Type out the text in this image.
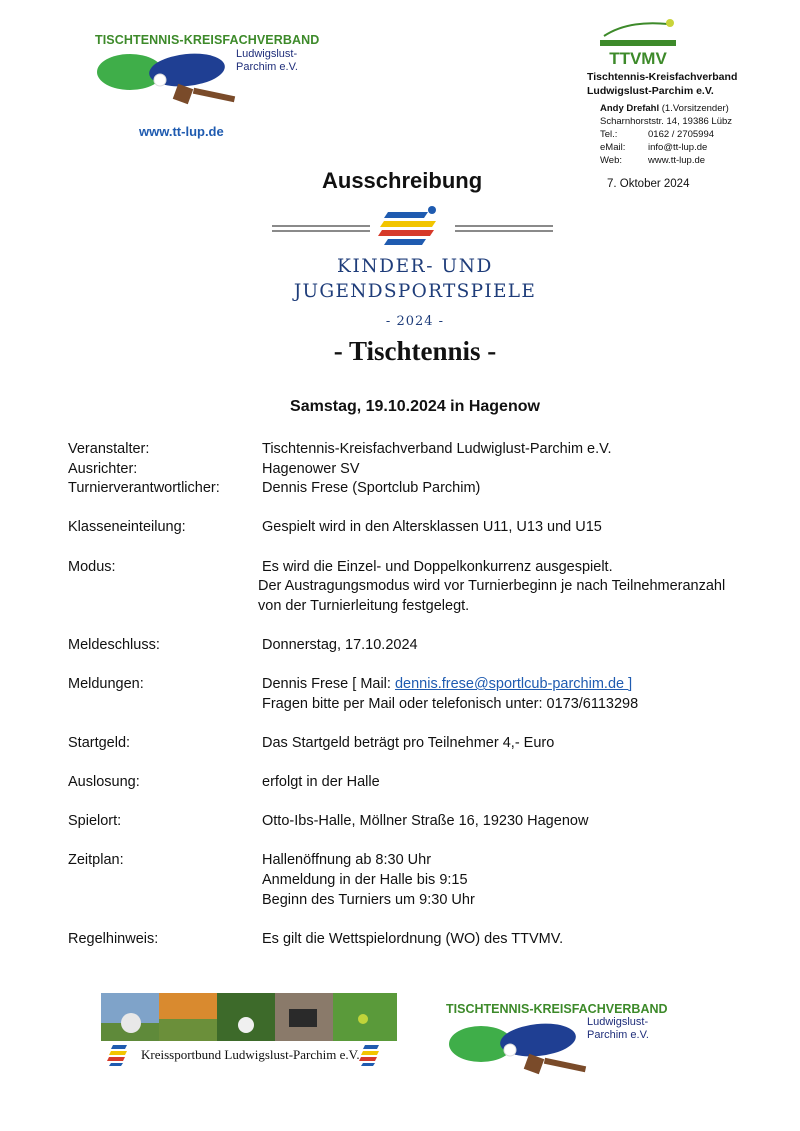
TISCHTENNIS-KREISFACHVERBAND
Ludwigslust-
Parchim e.V.
www.tt-lup.de
TTVMV
Tischtennis-Kreisfachverband
Ludwigslust-Parchim e.V.
Andy Drefahl
(1.Vorsitzender)
Scharnhorststr. 14, 19386 Lübz
Tel.:	0162 / 2705994
eMail:	info@tt-lup.de
Web:	www.tt-lup.de
7. Oktober 2024
Ausschreibung
KINDER- UND
JUGENDSPORTSPIELE
- 2024 -
- Tischtennis -
Samstag, 19.10.2024 in Hagenow
Veranstalter:	Tischtennis-Kreisfachverband Ludwiglust-Parchim e.V.
Ausrichter:	Hagenower SV
Turnierverantwortlicher:	Dennis Frese (Sportclub Parchim)
Klasseneinteilung:	Gespielt wird in den Altersklassen U11, U13 und U15
Modus:	Es wird die Einzel- und Doppelkonkurrenz ausgespielt.
Der Austragungsmodus wird vor Turnierbeginn je nach Teilnehmeranzahl
von der Turnierleitung festgelegt.
Meldeschluss:	Donnerstag, 17.10.2024
Meldungen:	Dennis Frese [ Mail: dennis.frese@sportlcub-parchim.de ]
Fragen bitte per Mail oder telefonisch unter: 0173/6113298
Startgeld:	Das Startgeld beträgt pro Teilnehmer 4,- Euro
Auslosung:	erfolgt in der Halle
Spielort:	Otto-Ibs-Halle, Möllner Straße 16, 19230 Hagenow
Zeitplan:	Hallenöffnung ab 8:30 Uhr
Anmeldung in der Halle bis 9:15
Beginn des Turniers um 9:30 Uhr
Regelhinweis:	Es gilt die Wettspielordnung (WO) des TTVMV.
Kreissportbund Ludwigslust-Parchim e.V.
TISCHTENNIS-KREISFACHVERBAND
Ludwigslust-
Parchim e.V.
